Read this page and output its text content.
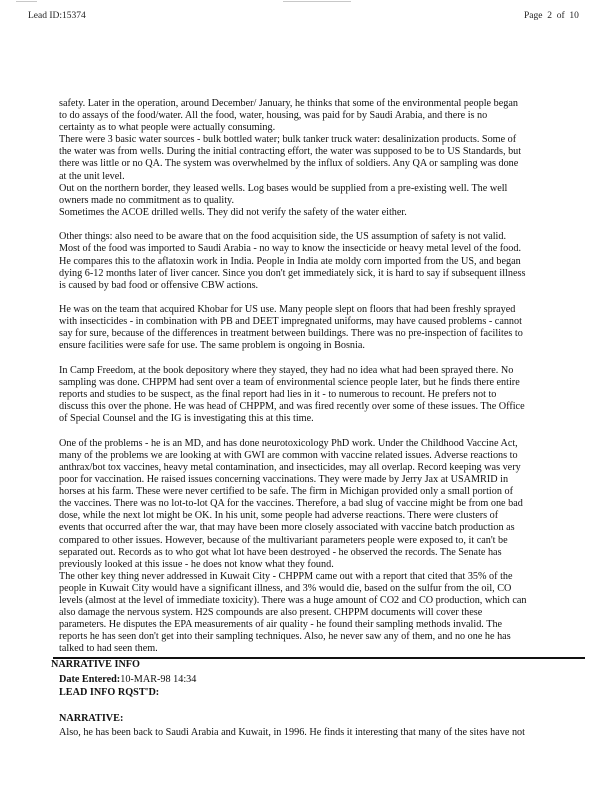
Lead ID:15374	Page  2  of  10
safety. Later in the operation, around December/ January, he thinks that some of the environmental people began
to do assays of the food/water. All the food, water, housing, was paid for by Saudi Arabia, and there is no
certainty as to what people were actually consuming.
There were 3 basic water sources - bulk bottled water; bulk tanker truck water: desalinization products. Some of
the water was from wells. During the initial contracting effort, the water was supposed to be to US Standards, but
there was little or no QA. The system was overwhelmed by the influx of soldiers. Any QA or sampling was done
at the unit level.
Out on the northern border, they leased wells. Log bases would be supplied from a pre-existing well. The well
owners made no commitment as to quality.
Sometimes the ACOE drilled wells. They did not verify the safety of the water either.
Other things: also need to be aware that on the food acquisition side, the US assumption of safety is not valid.
Most of the food was imported to Saudi Arabia - no way to know the insecticide or heavy metal level of the food.
He compares this to the aflatoxin work in India. People in India ate moldy corn imported from the US, and began
dying 6-12 months later of liver cancer. Since you don't get immediately sick, it is hard to say if subsequent illness
is caused by bad food or offensive CBW actions.
He was on the team that acquired Khobar for US use. Many people slept on floors that had been freshly sprayed
with insecticides - in combination with PB and DEET impregnated uniforms, may have caused problems - cannot
say for sure, because of the differences in treatment between buildings. There was no pre-inspection of facilites to
ensure facilities were safe for use. The same problem is ongoing in Bosnia.
In Camp Freedom, at the book depository where they stayed, they had no idea what had been sprayed there. No
sampling was done. CHPPM had sent over a team of environmental science people later, but he finds there entire
reports and studies to be suspect, as the final report had lies in it - to numerous to recount. He prefers not to
discuss this over the phone. He was head of CHPPM, and was fired recently over some of these issues. The Office
of Special Counsel and the IG is investigating this at this time.
One of the problems - he is an MD, and has done neurotoxicology PhD work. Under the Childhood Vaccine Act,
many of the problems we are looking at with GWI are common with vaccine related issues. Adverse reactions to
anthrax/bot tox vaccines, heavy metal contamination, and insecticides, may all overlap. Record keeping was very
poor for vaccination. He raised issues concerning vaccinations. They were made by Jerry Jax at USAMRID in
horses at his farm. These were never certified to be safe. The firm in Michigan provided only a small portion of
the vaccines. There was no lot-to-lot QA for the vaccines. Therefore, a bad slug of vaccine might be from one bad
dose, while the next lot might be OK. In his unit, some people had adverse reactions. There were clusters of
events that occurred after the war, that may have been more closely associated with vaccine batch production as
compared to other issues. However, because of the multivariant parameters people were exposed to, it can't be
separated out. Records as to who got what lot have been destroyed - he observed the records. The Senate has
previously looked at this issue - he does not know what they found.
The other key thing never addressed in Kuwait City - CHPPM came out with a report that cited that 35% of the
people in Kuwait City would have a significant illness, and 3% would die, based on the sulfur from the oil, CO
levels (almost at the level of immediate toxicity). There was a huge amount of CO2 and CO production, which can
also damage the nervous system. H2S compounds are also present. CHPPM documents will cover these
parameters. He disputes the EPA measurements of air quality - he found their sampling methods invalid. The
reports he has seen don't get into their sampling techniques. Also, he never saw any of them, and no one he has
talked to had seen them.
NARRATIVE INFO
Date Entered:10-MAR-98 14:34
LEAD INFO RQST'D:
NARRATIVE:
Also, he has been back to Saudi Arabia and Kuwait, in 1996. He finds it interesting that many of the sites have not
